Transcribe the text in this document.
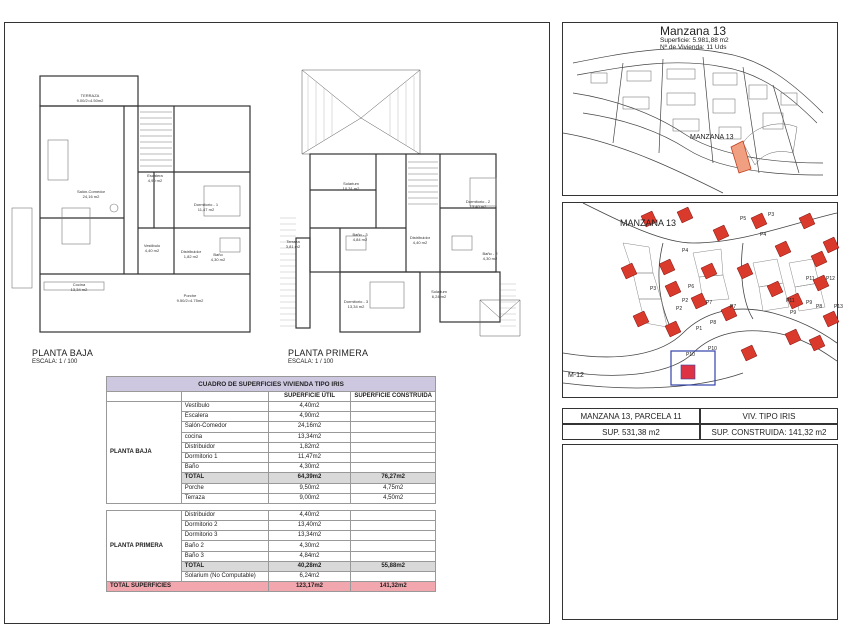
TERRAZA
9.00/2=4.50m2
Salón-Comedor
24,16 m2
Escalera
4,90 m2
Dormitorio - 1
11,47 m2
Vestibulo
4,40 m2	Distribuidor
1,82 m2	Baño
4,30 m2
Cocina
13,34 m2
Porche
9.50/2=4.75m2
PLANTA BAJA
ESCALA: 1 / 100
Solarium
10,31 m2
Dormitorio - 2
13,40 m2
Terraza
3,81 m2
Baño - 3
4,84 m2	Distribuidor
4,40 m2
Baño - 2
4,30 m2
Dormitorio - 3
13,34 m2
Solarium
6,24 m2
PLANTA PRIMERA
ESCALA: 1 / 100
CUADRO DE SUPERFICIES VIVIENDA TIPO IRIS			
		SUPERFICIE ÚTIL	SUPERFICIE CONSTRUIDA
PLANTA BAJA	Vestíbulo	4,40m2	
	Escalera	4,90m2	
	Salón-Comedor	24,16m2	
	cocina	13,34m2	
	Distribuidor	1,82m2	
	Dormitorio 1	11,47m2	
	Baño	4,30m2	
	TOTAL	64,39m2	76,27m2
	Porche	9,50m2	4,75m2
	Terraza	9,00m2	4,50m2

PLANTA PRIMERA	Distribuidor	4,40m2	
	Dormitorio 2	13,40m2	
	Dormitorio 3	13,34m2	
	Baño 2	4,30m2	
	Baño 3	4,84m2	
	TOTAL	40,28m2	55,88m2
	Solarium (No Computable)	6,24m2	
TOTAL SUPERFICIES		123,17m2	141,32m2
Manzana 13
Superficie: 5.981,88 m2
Nº de Vivienda: 11 Uds
MANZANA 13
MANZANA 13
M-12
P5
P3
P4
P4
P3
P2
P6
P7
P1
P8
P9
P10
P11
P11 P12
P13
P10
P9
P8
P7
P2
MANZANA 13, PARCELA 11	VIV. TIPO IRIS
SUP. 531,38 m2	SUP. CONSTRUIDA: 141,32 m2
